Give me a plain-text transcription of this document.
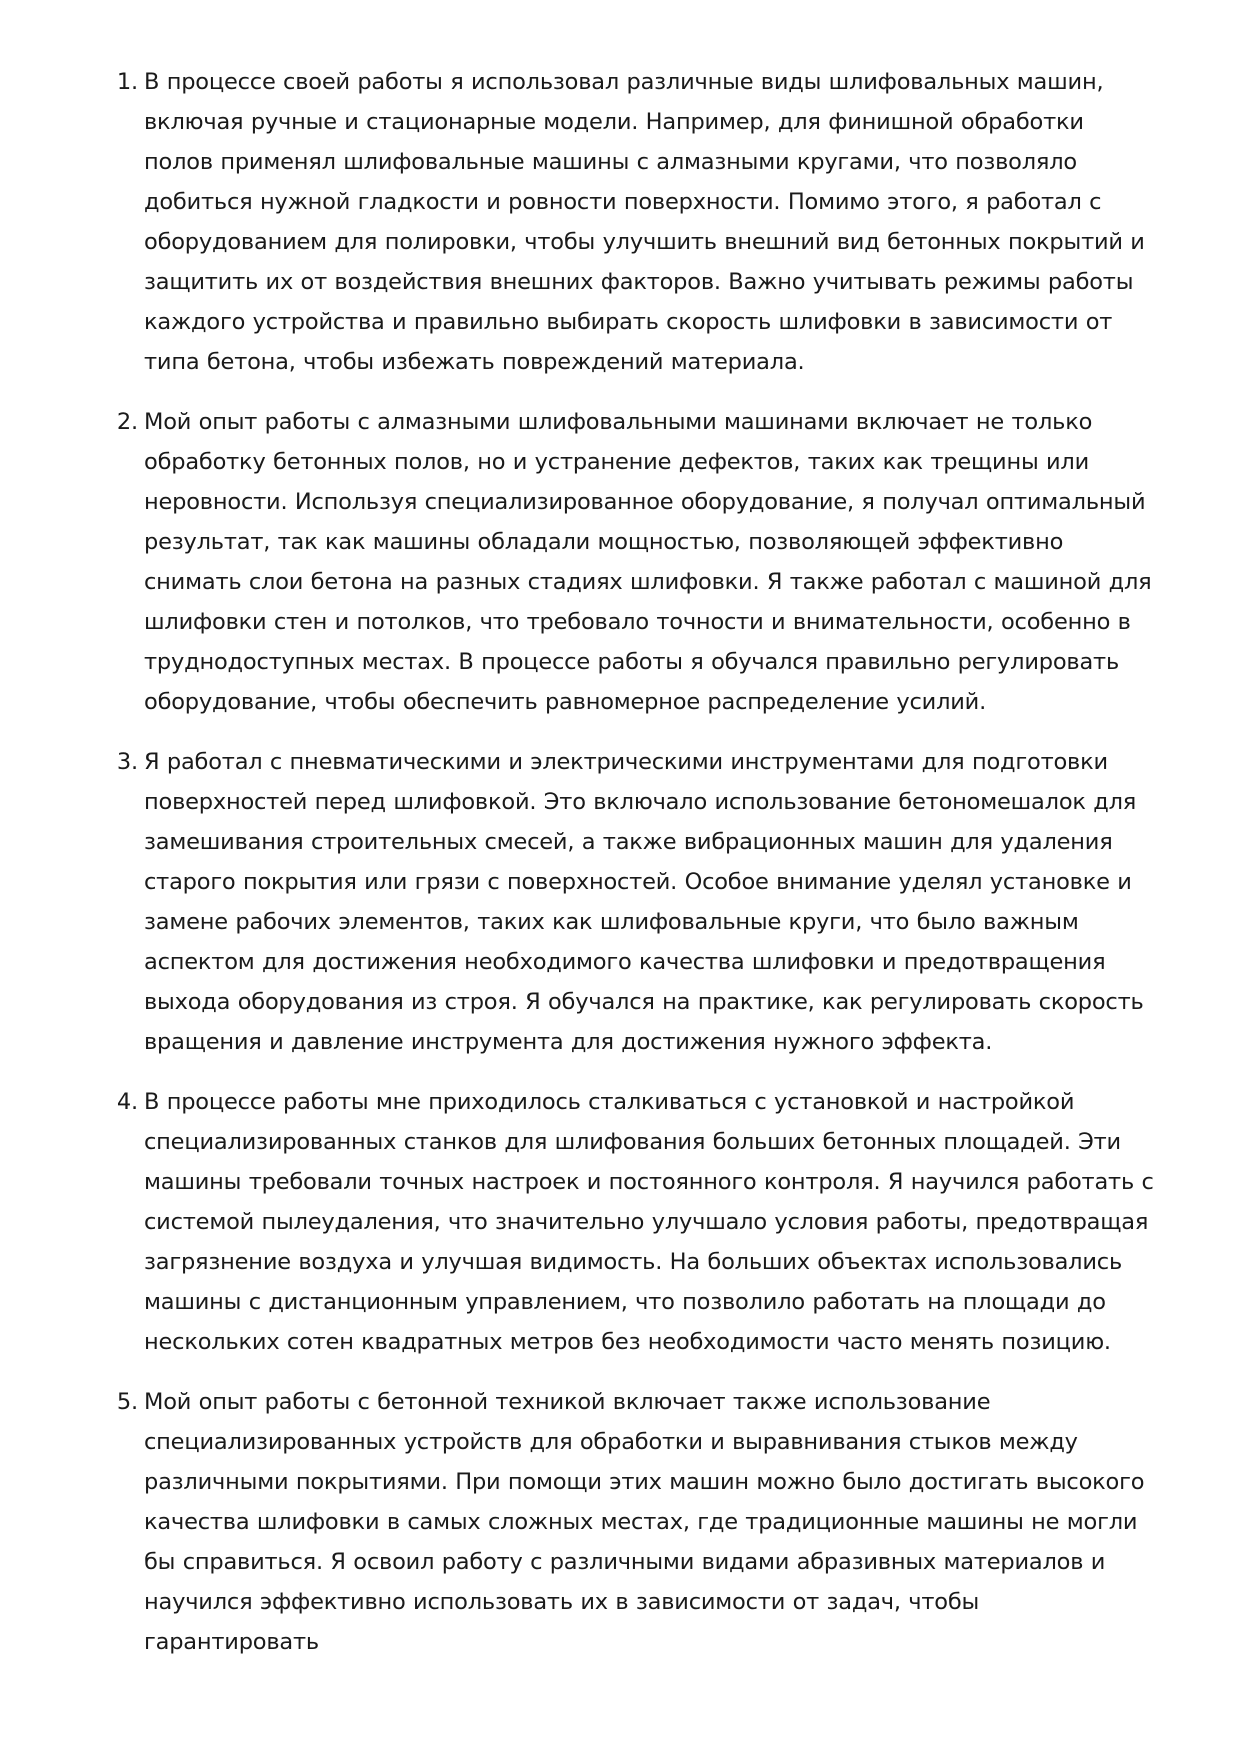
1. В процессе своей работы я использовал различные виды шлифовальных машин, включая ручные и стационарные модели. Например, для финишной обработки полов применял шлифовальные машины с алмазными кругами, что позволяло добиться нужной гладкости и ровности поверхности. Помимо этого, я работал с оборудованием для полировки, чтобы улучшить внешний вид бетонных покрытий и защитить их от воздействия внешних факторов. Важно учитывать режимы работы каждого устройства и правильно выбирать скорость шлифовки в зависимости от типа бетона, чтобы избежать повреждений материала.

2. Мой опыт работы с алмазными шлифовальными машинами включает не только обработку бетонных полов, но и устранение дефектов, таких как трещины или неровности. Используя специализированное оборудование, я получал оптимальный результат, так как машины обладали мощностью, позволяющей эффективно снимать слои бетона на разных стадиях шлифовки. Я также работал с машиной для шлифовки стен и потолков, что требовало точности и внимательности, особенно в труднодоступных местах. В процессе работы я обучался правильно регулировать оборудование, чтобы обеспечить равномерное распределение усилий.

3. Я работал с пневматическими и электрическими инструментами для подготовки поверхностей перед шлифовкой. Это включало использование бетономешалок для замешивания строительных смесей, а также вибрационных машин для удаления старого покрытия или грязи с поверхностей. Особое внимание уделял установке и замене рабочих элементов, таких как шлифовальные круги, что было важным аспектом для достижения необходимого качества шлифовки и предотвращения выхода оборудования из строя. Я обучался на практике, как регулировать скорость вращения и давление инструмента для достижения нужного эффекта.

4. В процессе работы мне приходилось сталкиваться с установкой и настройкой специализированных станков для шлифования больших бетонных площадей. Эти машины требовали точных настроек и постоянного контроля. Я научился работать с системой пылеудаления, что значительно улучшало условия работы, предотвращая загрязнение воздуха и улучшая видимость. На больших объектах использовались машины с дистанционным управлением, что позволило работать на площади до нескольких сотен квадратных метров без необходимости часто менять позицию.

5. Мой опыт работы с бетонной техникой включает также использование специализированных устройств для обработки и выравнивания стыков между различными покрытиями. При помощи этих машин можно было достигать высокого качества шлифовки в самых сложных местах, где традиционные машины не могли бы справиться. Я освоил работу с различными видами абразивных материалов и научился эффективно использовать их в зависимости от задач, чтобы гарантировать
